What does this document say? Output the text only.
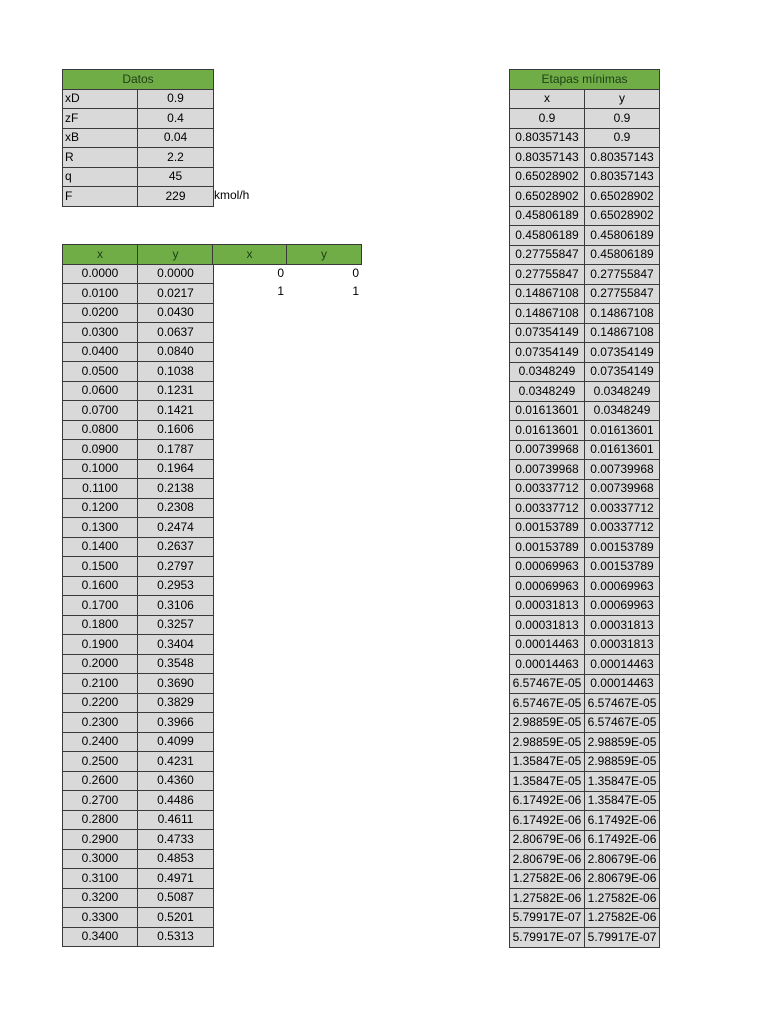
Datos	
xD	0.9
zF	0.4
xB	0.04
R	2.2
q	45
F	229 kmol/h
x	y
0.0000	0.0000
0.0100	0.0217
0.0200	0.0430
0.0300	0.0637
0.0400	0.0840
0.0500	0.1038
0.0600	0.1231
0.0700	0.1421
0.0800	0.1606
0.0900	0.1787
0.1000	0.1964
0.1100	0.2138
0.1200	0.2308
0.1300	0.2474
0.1400	0.2637
0.1500	0.2797
0.1600	0.2953
0.1700	0.3106
0.1800	0.3257
0.1900	0.3404
0.2000	0.3548
0.2100	0.3690
0.2200	0.3829
0.2300	0.3966
0.2400	0.4099
0.2500	0.4231
0.2600	0.4360
0.2700	0.4486
0.2800	0.4611
0.2900	0.4733
0.3000	0.4853
0.3100	0.4971
0.3200	0.5087
0.3300	0.5201
0.3400	0.5313
x	y
0	0
1	1
Etapas mínimas	
x	y
0.9	0.9
0.80357143	0.9
0.80357143	0.80357143
0.65028902	0.80357143
0.65028902	0.65028902
0.45806189	0.65028902
0.45806189	0.45806189
0.27755847	0.45806189
0.27755847	0.27755847
0.14867108	0.27755847
0.14867108	0.14867108
0.07354149	0.14867108
0.07354149	0.07354149
0.0348249	0.07354149
0.0348249	0.0348249
0.01613601	0.0348249
0.01613601	0.01613601
0.00739968	0.01613601
0.00739968	0.00739968
0.00337712	0.00739968
0.00337712	0.00337712
0.00153789	0.00337712
0.00153789	0.00153789
0.00069963	0.00153789
0.00069963	0.00069963
0.00031813	0.00069963
0.00031813	0.00031813
0.00014463	0.00031813
0.00014463	0.00014463
6.57467E-05	0.00014463
6.57467E-05	6.57467E-05
2.98859E-05	6.57467E-05
2.98859E-05	2.98859E-05
1.35847E-05	2.98859E-05
1.35847E-05	1.35847E-05
6.17492E-06	1.35847E-05
6.17492E-06	6.17492E-06
2.80679E-06	6.17492E-06
2.80679E-06	2.80679E-06
1.27582E-06	2.80679E-06
1.27582E-06	1.27582E-06
5.79917E-07	1.27582E-06
5.79917E-07	5.79917E-07
